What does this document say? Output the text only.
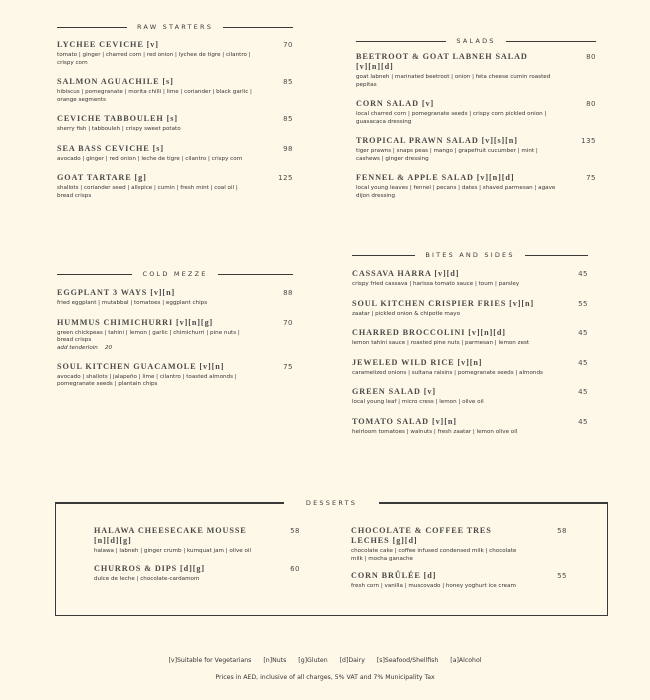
RAW STARTERS
LYCHEE CEVICHE [v]	70
tomato | ginger | charred corn | red onion | lychee de tigre | cilantro | crispy corn
SALMON AGUACHILE [s]	85
hibiscus | pomegranate | morita chilli | lime | coriander | black garlic | orange segments
CEVICHE TABBOULEH [s]	85
sherry fish | tabbouleh | crispy sweet potato
SEA BASS CEVICHE [s]	98
avocado | ginger | red onion | leche de tigre | cilantro | crispy corn
GOAT TARTARE [g]	125
shallots | coriander seed | allspice | cumin | fresh mint | coal oil | bread crisps
SALADS
BEETROOT & GOAT LABNEH SALAD [v][n][d]
80
goat labneh | marinated beetroot | onion | feta cheese cumin roasted pepitas
CORN SALAD [v]	80
local charred corn | pomegranate seeds | crispy corn pickled onion | guasacaca dressing
TROPICAL PRAWN SALAD [v][s][n]	135
tiger prawns | snaps peas | mango | grapefruit cucumber | mint | cashews | ginger dressing
FENNEL & APPLE SALAD [v][n][d]	75
local young leaves | fennel | pecans | dates | shaved parmesan | agave dijon dressing
COLD MEZZE
EGGPLANT 3 WAYS [v][n]	88
fried eggplant | mutabbal | tomatoes | eggplant chips
HUMMUS CHIMICHURRI [v][n][g]	70
green chickpeas | tahini | lemon | garlic | chimichurri | pine nuts | bread crisps
add tenderloin    20
SOUL KITCHEN GUACAMOLE [v][n]	75
avocado | shallots | jalapeño | lime | cilantro | toasted almonds | pomegranate seeds | plantain chips
BITES AND SIDES
CASSAVA HARRA [v][d]	45
crispy fried cassava | harissa tomato sauce | toum | parsley
SOUL KITCHEN CRISPIER FRIES [v][n]	55
zaatar | pickled onion & chipotle mayo
CHARRED BROCCOLINI [v][n][d]	45
lemon tahini sauce | roasted pine nuts | parmesan | lemon zest
JEWELED WILD RICE [v][n]	45
caramelized onions | sultana raisins | pomegranate seeds | almonds
GREEN SALAD [v]	45
local young leaf | micro cress | lemon | olive oil
TOMATO SALAD [v][n]	45
heirloom tomatoes | walnuts | fresh zaatar | lemon olive oil
DESSERTS
HALAWA CHEESECAKE MOUSSE [n][d][g]
58
halawa | labneh | ginger crumb | kumquat jam | olive oil
CHURROS & DIPS [d][g]	60
dulce de leche | chocolate-cardamom
CHOCOLATE & COFFEE TRES LECHES [g][d]
58
chocolate cake | coffee infused condensed milk | chocolate milk | mocha ganache
CORN BRÛLÉE [d]	55
fresh corn | vanilla | muscovado | honey yoghurt ice cream
[v]Suitable for Vegetarians [n]Nuts [g]Gluten [d]Dairy [s]Seafood/Shellfish [a]Alcohol
Prices in AED, inclusive of all charges, 5% VAT and 7% Municipality Tax
